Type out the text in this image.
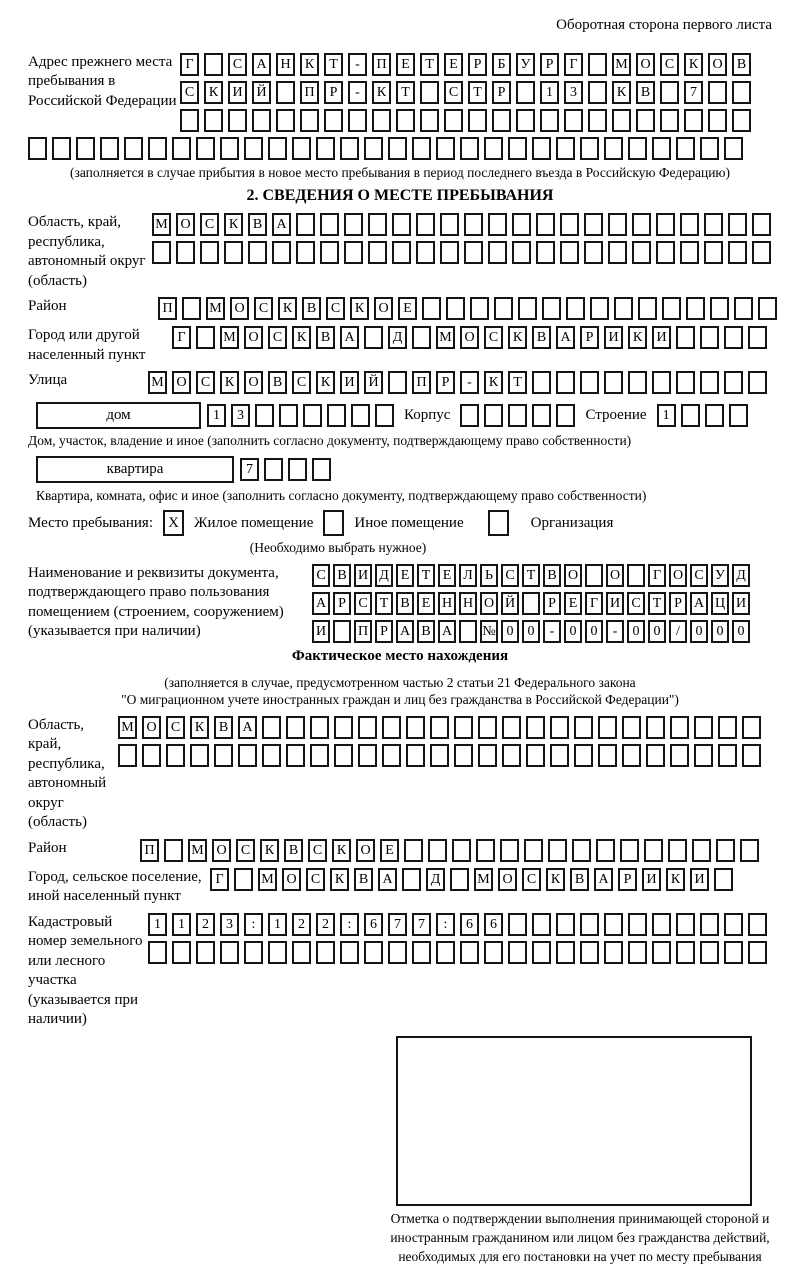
Оборотная сторона первого листа
Адрес прежнего места пребывания в Российской Федерации
Г	С	А Н	К	Т	-	П	Е	Т	Е	Р	Б	У	Р	Г	М О	С	К	О	В
С	К	И Й	П	Р	-	К	Т	С	Т	Р	1	3	К	В	7
(заполняется в случае прибытия в новое место пребывания в период последнего въезда в Российскую Федерацию)
2. СВЕДЕНИЯ О МЕСТЕ ПРЕБЫВАНИЯ
Область, край, республика, автономный округ (область)
М О	С	К	В	А
Район	П	М О	С	К	В	С	К	О	Е
Город или другой населенный пункт
Г	М О	С	К	В	А	Д	М О	С	К	В	А	Р	И	К	И
Улица	М О	С	К	О	В	С	К	И Й	П	Р	-	К	Т
дом	1	3	Корпус	Строение	1
Дом, участок, владение и иное (заполнить согласно документу, подтверждающему право собственности)
квартира	7
Квартира, комната, офис и иное (заполнить согласно документу, подтверждающему право собственности)
Место пребывания:	X	Жилое помещение	Иное помещение	Организация
(Необходимо выбрать нужное)
Наименование и реквизиты документа, подтверждающего право пользования помещением (строением, сооружением) (указывается при наличии)
С В И Д Е Т Е Л Ь С Т В О О	Г О С У Д
А Р С Т В Е Н Н О Й	Р Е Г И С Т Р А Ц И
И П Р А В А № 0	0	-	0	0	-	0	0	/	0	0	0
Фактическое место нахождения
(заполняется в случае, предусмотренном частью 2 статьи 21 Федерального закона
"О миграционном учете иностранных граждан и лиц без гражданства в Российской Федерации")
Область, край, республика, автономный округ (область)
М О	С	К	В	А
Район	П	М О	С	К	В	С	К	О	Е
Город, сельское поселение, иной населенный пункт
Г	М О	С	К	В	А	Д	М О	С	К	В	А	Р	И	К	И
Кадастровый номер земельного или лесного участка (указывается при наличии)
1	1	2	3	:	1	2	2	:	6	7	7	:	6	6
Отметка о подтверждении выполнения принимающей стороной и иностранным гражданином или лицом без гражданства действий, необходимых для его постановки на учет по месту пребывания
